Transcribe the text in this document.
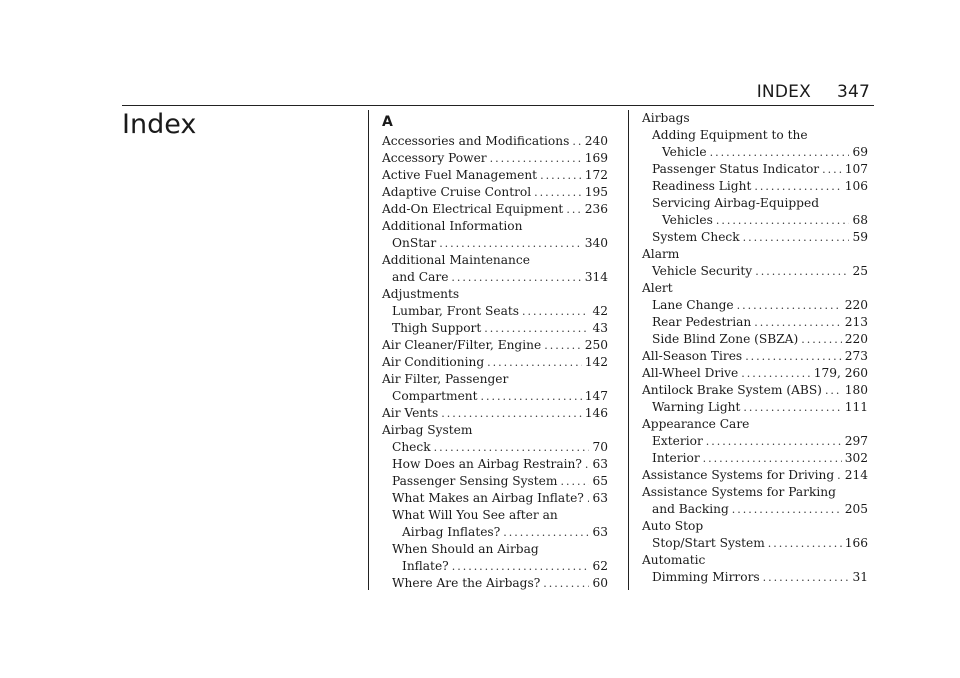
INDEX 347
Index	A
Accessories and Modifications ..... 240
Accessory Power .....	169
Active Fuel Management .....	172
Adaptive Cruise Control .....	195
Add-On Electrical Equipment ..... 236
Additional Information
OnStar .....	340
Additional Maintenance
and Care .....	314
Adjustments
Lumbar, Front Seats .....	42
Thigh Support .....	43
Air Cleaner/Filter, Engine .....	250
Air Conditioning .....	142
Air Filter, Passenger
Compartment .....	147
Air Vents .....	146
Airbag System
Check .....	70
How Does an Airbag Restrain? ..... 63
Passenger Sensing System .....	65
What Makes an Airbag Inflate? ..... 63
What Will You See after an
Airbag Inflates? .....	63
When Should an Airbag
Inflate? .....	62
Where Are the Airbags? .....	60
Airbags
Adding Equipment to the
Vehicle .....	69
Passenger Status Indicator ..... 107
Readiness Light .....	106
Servicing Airbag-Equipped
Vehicles .....	68
System Check .....	59
Alarm
Vehicle Security .....	25
Alert
Lane Change .....	220
Rear Pedestrian .....	213
Side Blind Zone (SBZA) .....	220
All-Season Tires .....	273
All-Wheel Drive .....	179, 260
Antilock Brake System (ABS) ..... 180
Warning Light .....	111
Appearance Care
Exterior .....	297
Interior .....	302
Assistance Systems for Driving ..... 214
Assistance Systems for Parking
and Backing .....	205
Auto Stop
Stop/Start System .....	166
Automatic
Dimming Mirrors .....	31
